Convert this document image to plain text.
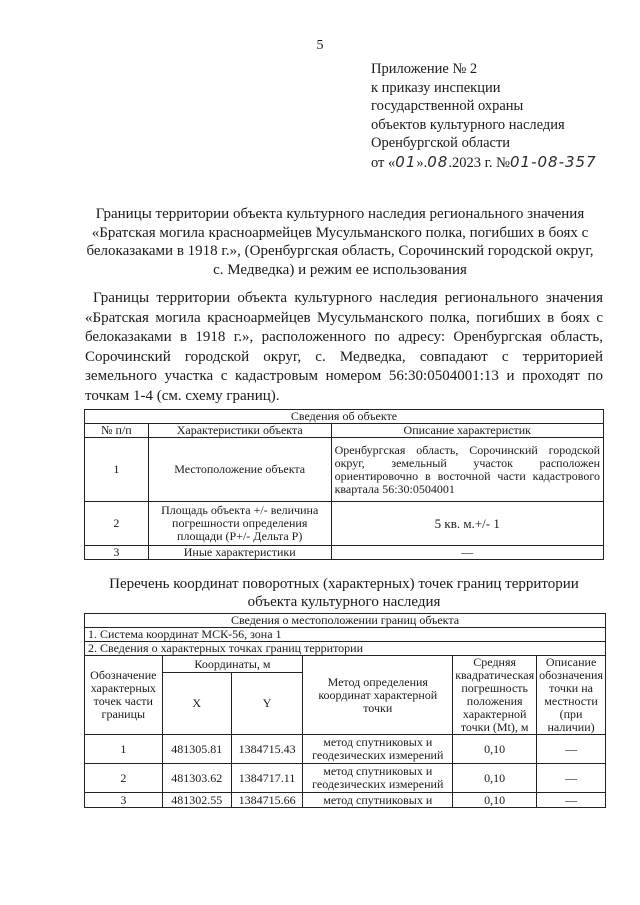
5
Приложение № 2
к приказу инспекции
государственной охраны
объектов культурного наследия
Оренбургской области
от «01».08.2023 г. №01-08-357
Границы территории объекта культурного наследия регионального значения «Братская могила красноармейцев Мусульманского полка, погибших в боях с белоказаками в 1918 г.», (Оренбургская область, Сорочинский городской округ, с. Медведка) и режим ее использования
Границы территории объекта культурного наследия регионального значения «Братская могила красноармейцев Мусульманского полка, погибших в боях с белоказаками в 1918 г.», расположенного по адресу: Оренбургская область, Сорочинский городской округ, с. Медведка, совпадают с территорией земельного участка с кадастровым номером 56:30:0504001:13 и проходят по точкам 1-4 (см. схему границ).
Сведения об объекте		
№ п/п	Характеристики объекта	Описание характеристик
1	Местоположение объекта	Оренбургская область, Сорочинский городской округ, земельный участок расположен ориентировочно в восточной части кадастрового квартала 56:30:0504001
2	Площадь объекта +/- величина погрешности определения площади (Р+/- Дельта Р)	5 кв. м.+/- 1
3	Иные характеристики	—
Перечень координат поворотных (характерных) точек границ территории объекта культурного наследия
Сведения о местоположении границ объекта					
1. Система координат МСК-56, зона 1					
2. Сведения о характерных точках границ территории					
Обозначение характерных точек части границы	Координаты, м		Метод определения координат характерной точки	Средняя квадратическая погрешность положения характерной точки (Mt), м	Описание обозначения точки на местности (при наличии)
	X	Y			
1	481305.81	1384715.43	метод спутниковых и геодезических измерений	0,10	—
2	481303.62	1384717.11	метод спутниковых и геодезических измерений	0,10	—
3	481302.55	1384715.66	метод спутниковых и	0,10	—
